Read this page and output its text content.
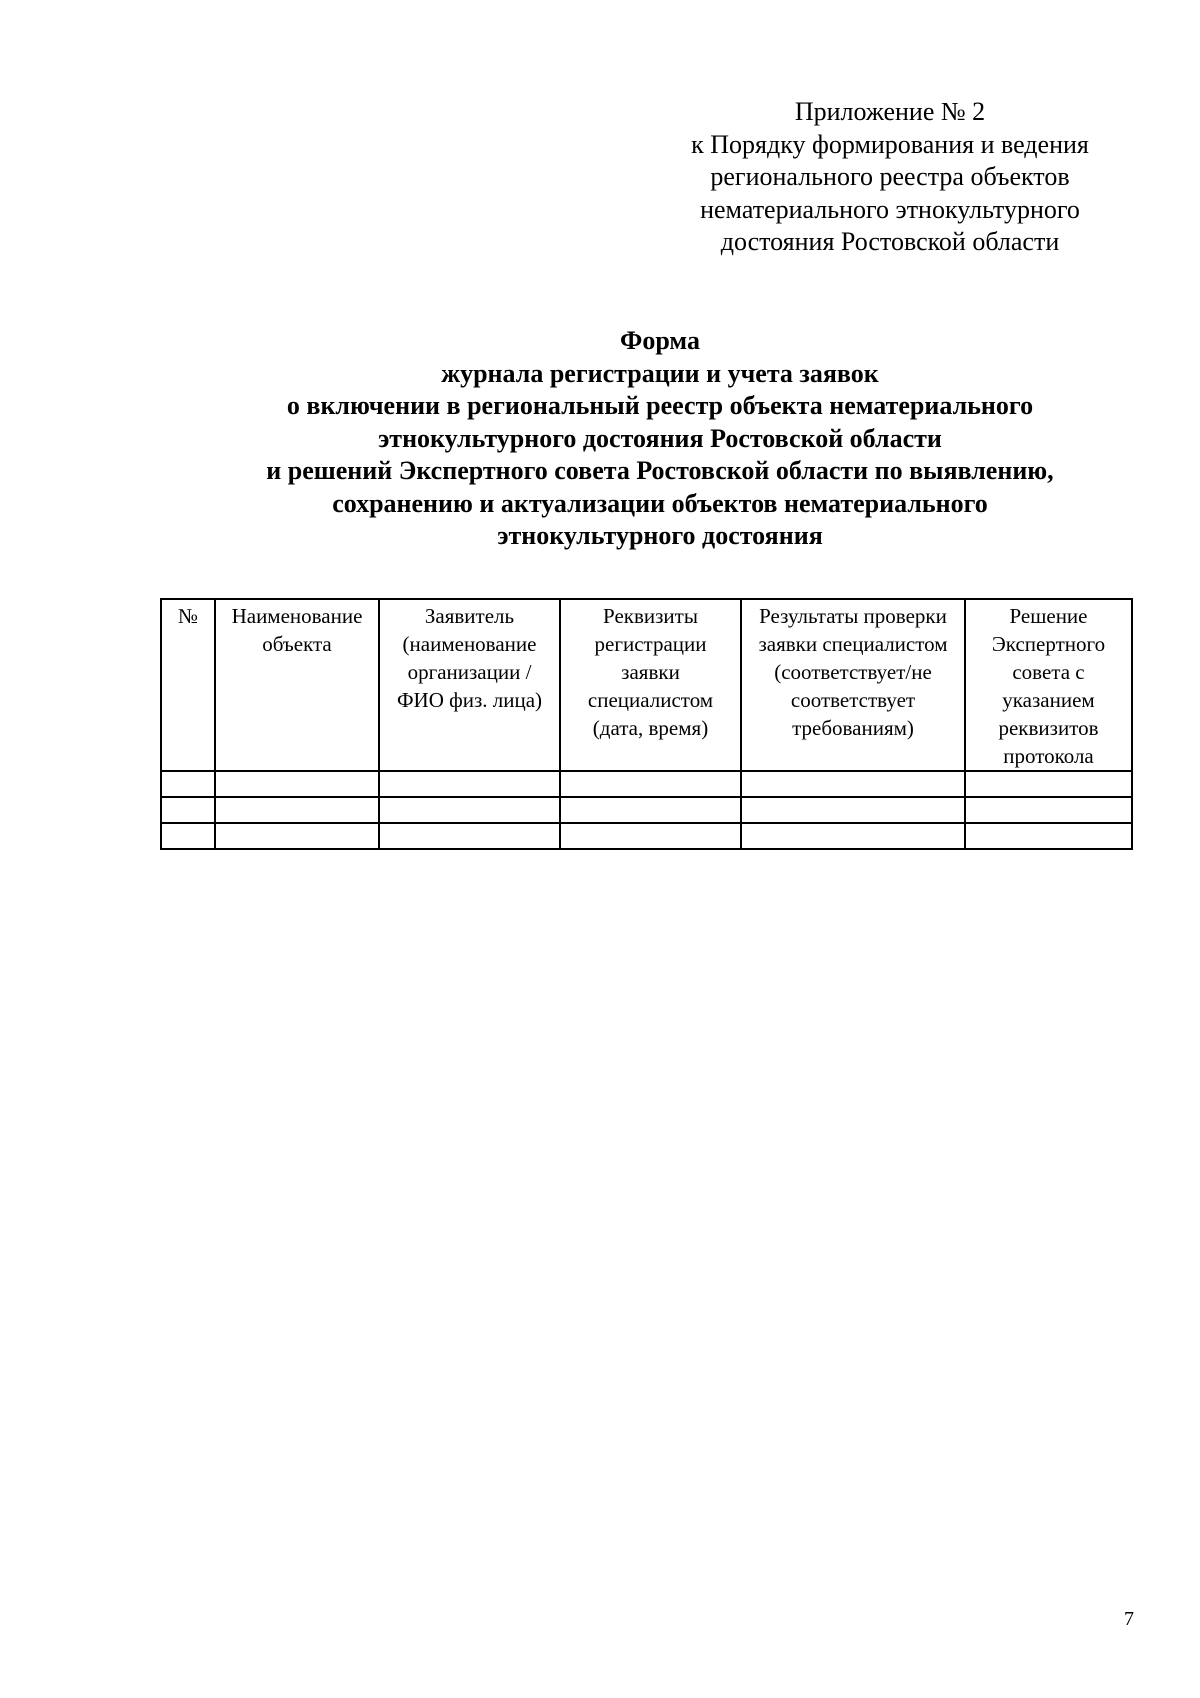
Приложение № 2
к Порядку формирования и ведения
регионального реестра объектов
нематериального этнокультурного
достояния Ростовской области
Форма
журнала регистрации и учета заявок
о включении в региональный реестр объекта нематериального
этнокультурного достояния Ростовской области
и решений Экспертного совета Ростовской области по выявлению,
сохранению и актуализации объектов нематериального
этнокультурного достояния
№	Наименование объекта	Заявитель (наименование организации / ФИО физ. лица)	Реквизиты регистрации заявки специалистом (дата, время)	Результаты проверки заявки специалистом (соответствует/не соответствует требованиям)	Решение Экспертного совета с указанием реквизитов протокола

7
